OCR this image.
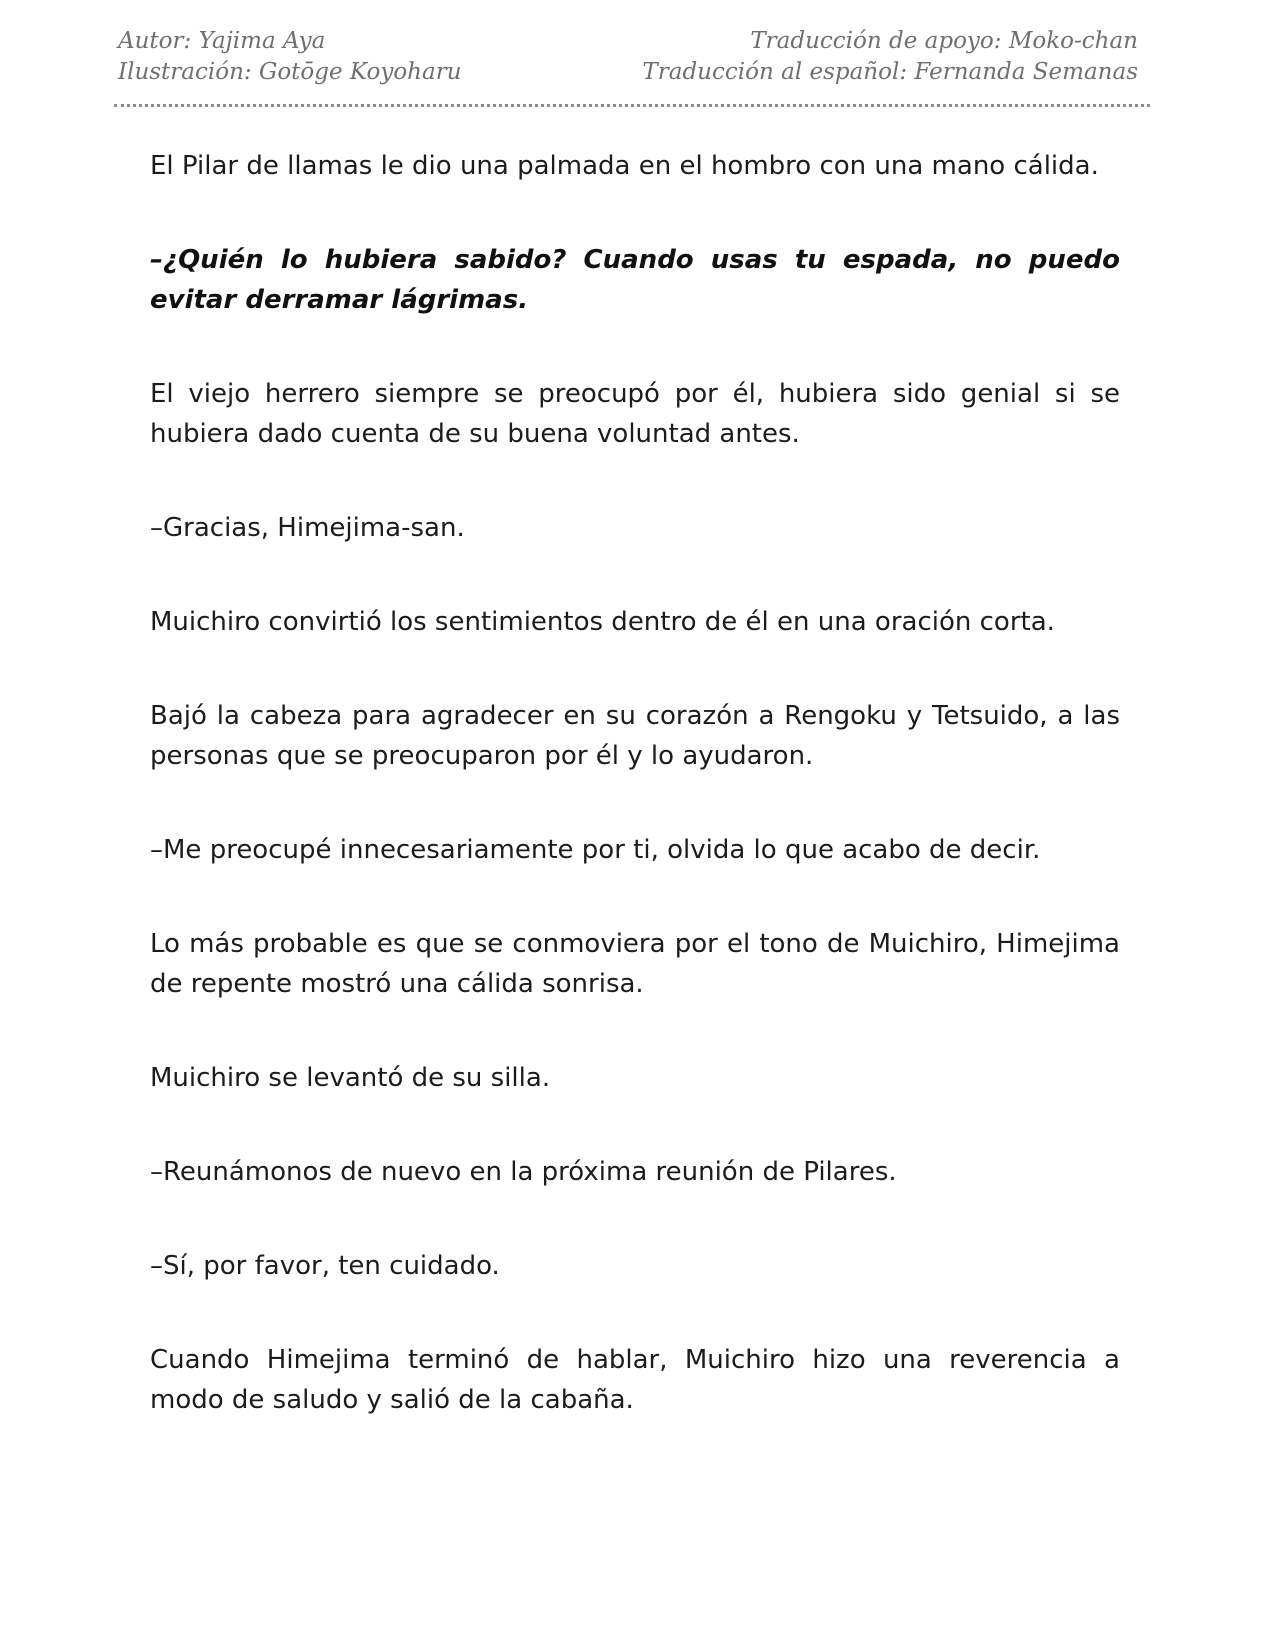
Autor: Yajima Aya
Ilustración: Gotōge Koyoharu
Traducción de apoyo: Moko-chan
Traducción al español: Fernanda Semanas

El Pilar de llamas le dio una palmada en el hombro con una mano cálida.

–¿Quién lo hubiera sabido? Cuando usas tu espada, no puedo evitar derramar lágrimas.

El viejo herrero siempre se preocupó por él, hubiera sido genial si se hubiera dado cuenta de su buena voluntad antes.

–Gracias, Himejima-san.

Muichiro convirtió los sentimientos dentro de él en una oración corta.

Bajó la cabeza para agradecer en su corazón a Rengoku y Tetsuido, a las personas que se preocuparon por él y lo ayudaron.

–Me preocupé innecesariamente por ti, olvida lo que acabo de decir.

Lo más probable es que se conmoviera por el tono de Muichiro, Himejima de repente mostró una cálida sonrisa.

Muichiro se levantó de su silla.

–Reunámonos de nuevo en la próxima reunión de Pilares.

–Sí, por favor, ten cuidado.

Cuando Himejima terminó de hablar, Muichiro hizo una reverencia a modo de saludo y salió de la cabaña.
